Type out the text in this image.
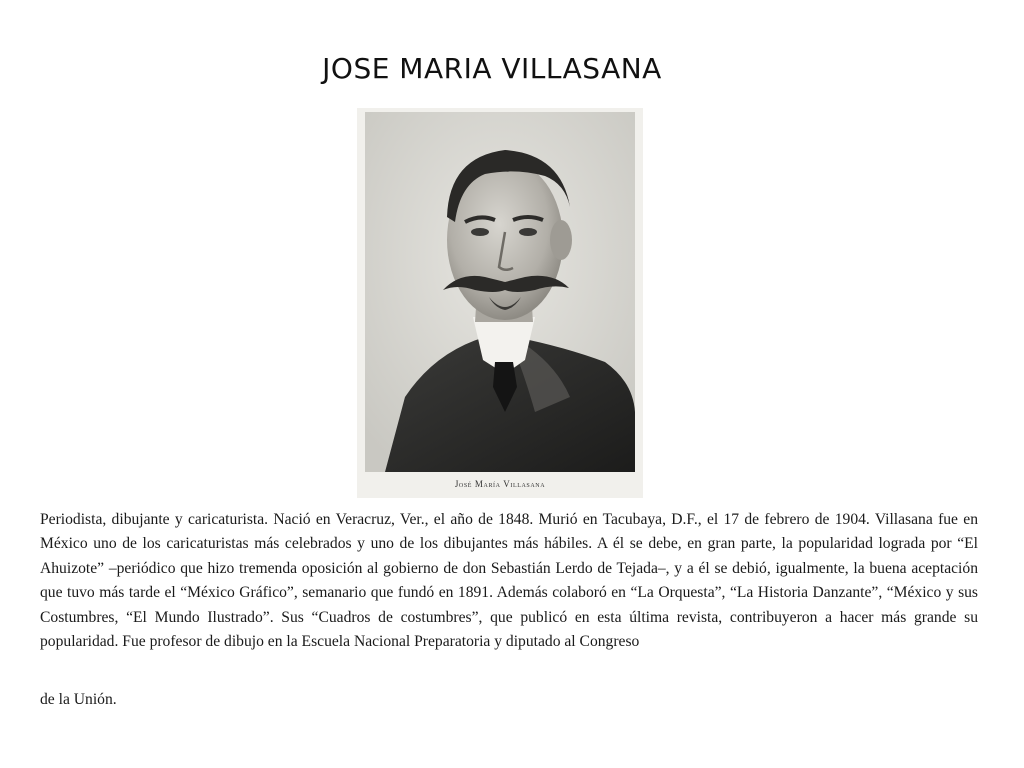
JOSE MARIA VILLASANA
José María Villasana

Periodista, dibujante y caricaturista. Nació en Veracruz, Ver., el año de 1848. Murió en Tacubaya, D.F., el 17 de febrero de 1904. Villasana fue en México uno de los caricaturistas más celebrados y uno de los dibujantes más hábiles. A él se debe, en gran parte, la popularidad lograda por “El Ahuizote” –periódico que hizo tremenda oposición al gobierno de don Sebastián Lerdo de Tejada–, y a él se debió, igualmente, la buena aceptación que tuvo más tarde el “México Gráfico”, semanario que fundó en 1891. Además colaboró en “La Orquesta”, “La Historia Danzante”, “México y sus Costumbres, “El Mundo Ilustrado”. Sus “Cuadros de costumbres”, que publicó en esta última revista, contribuyeron a hacer más grande su popularidad. Fue profesor de dibujo en la Escuela Nacional Preparatoria y diputado al Congreso

de la Unión.
